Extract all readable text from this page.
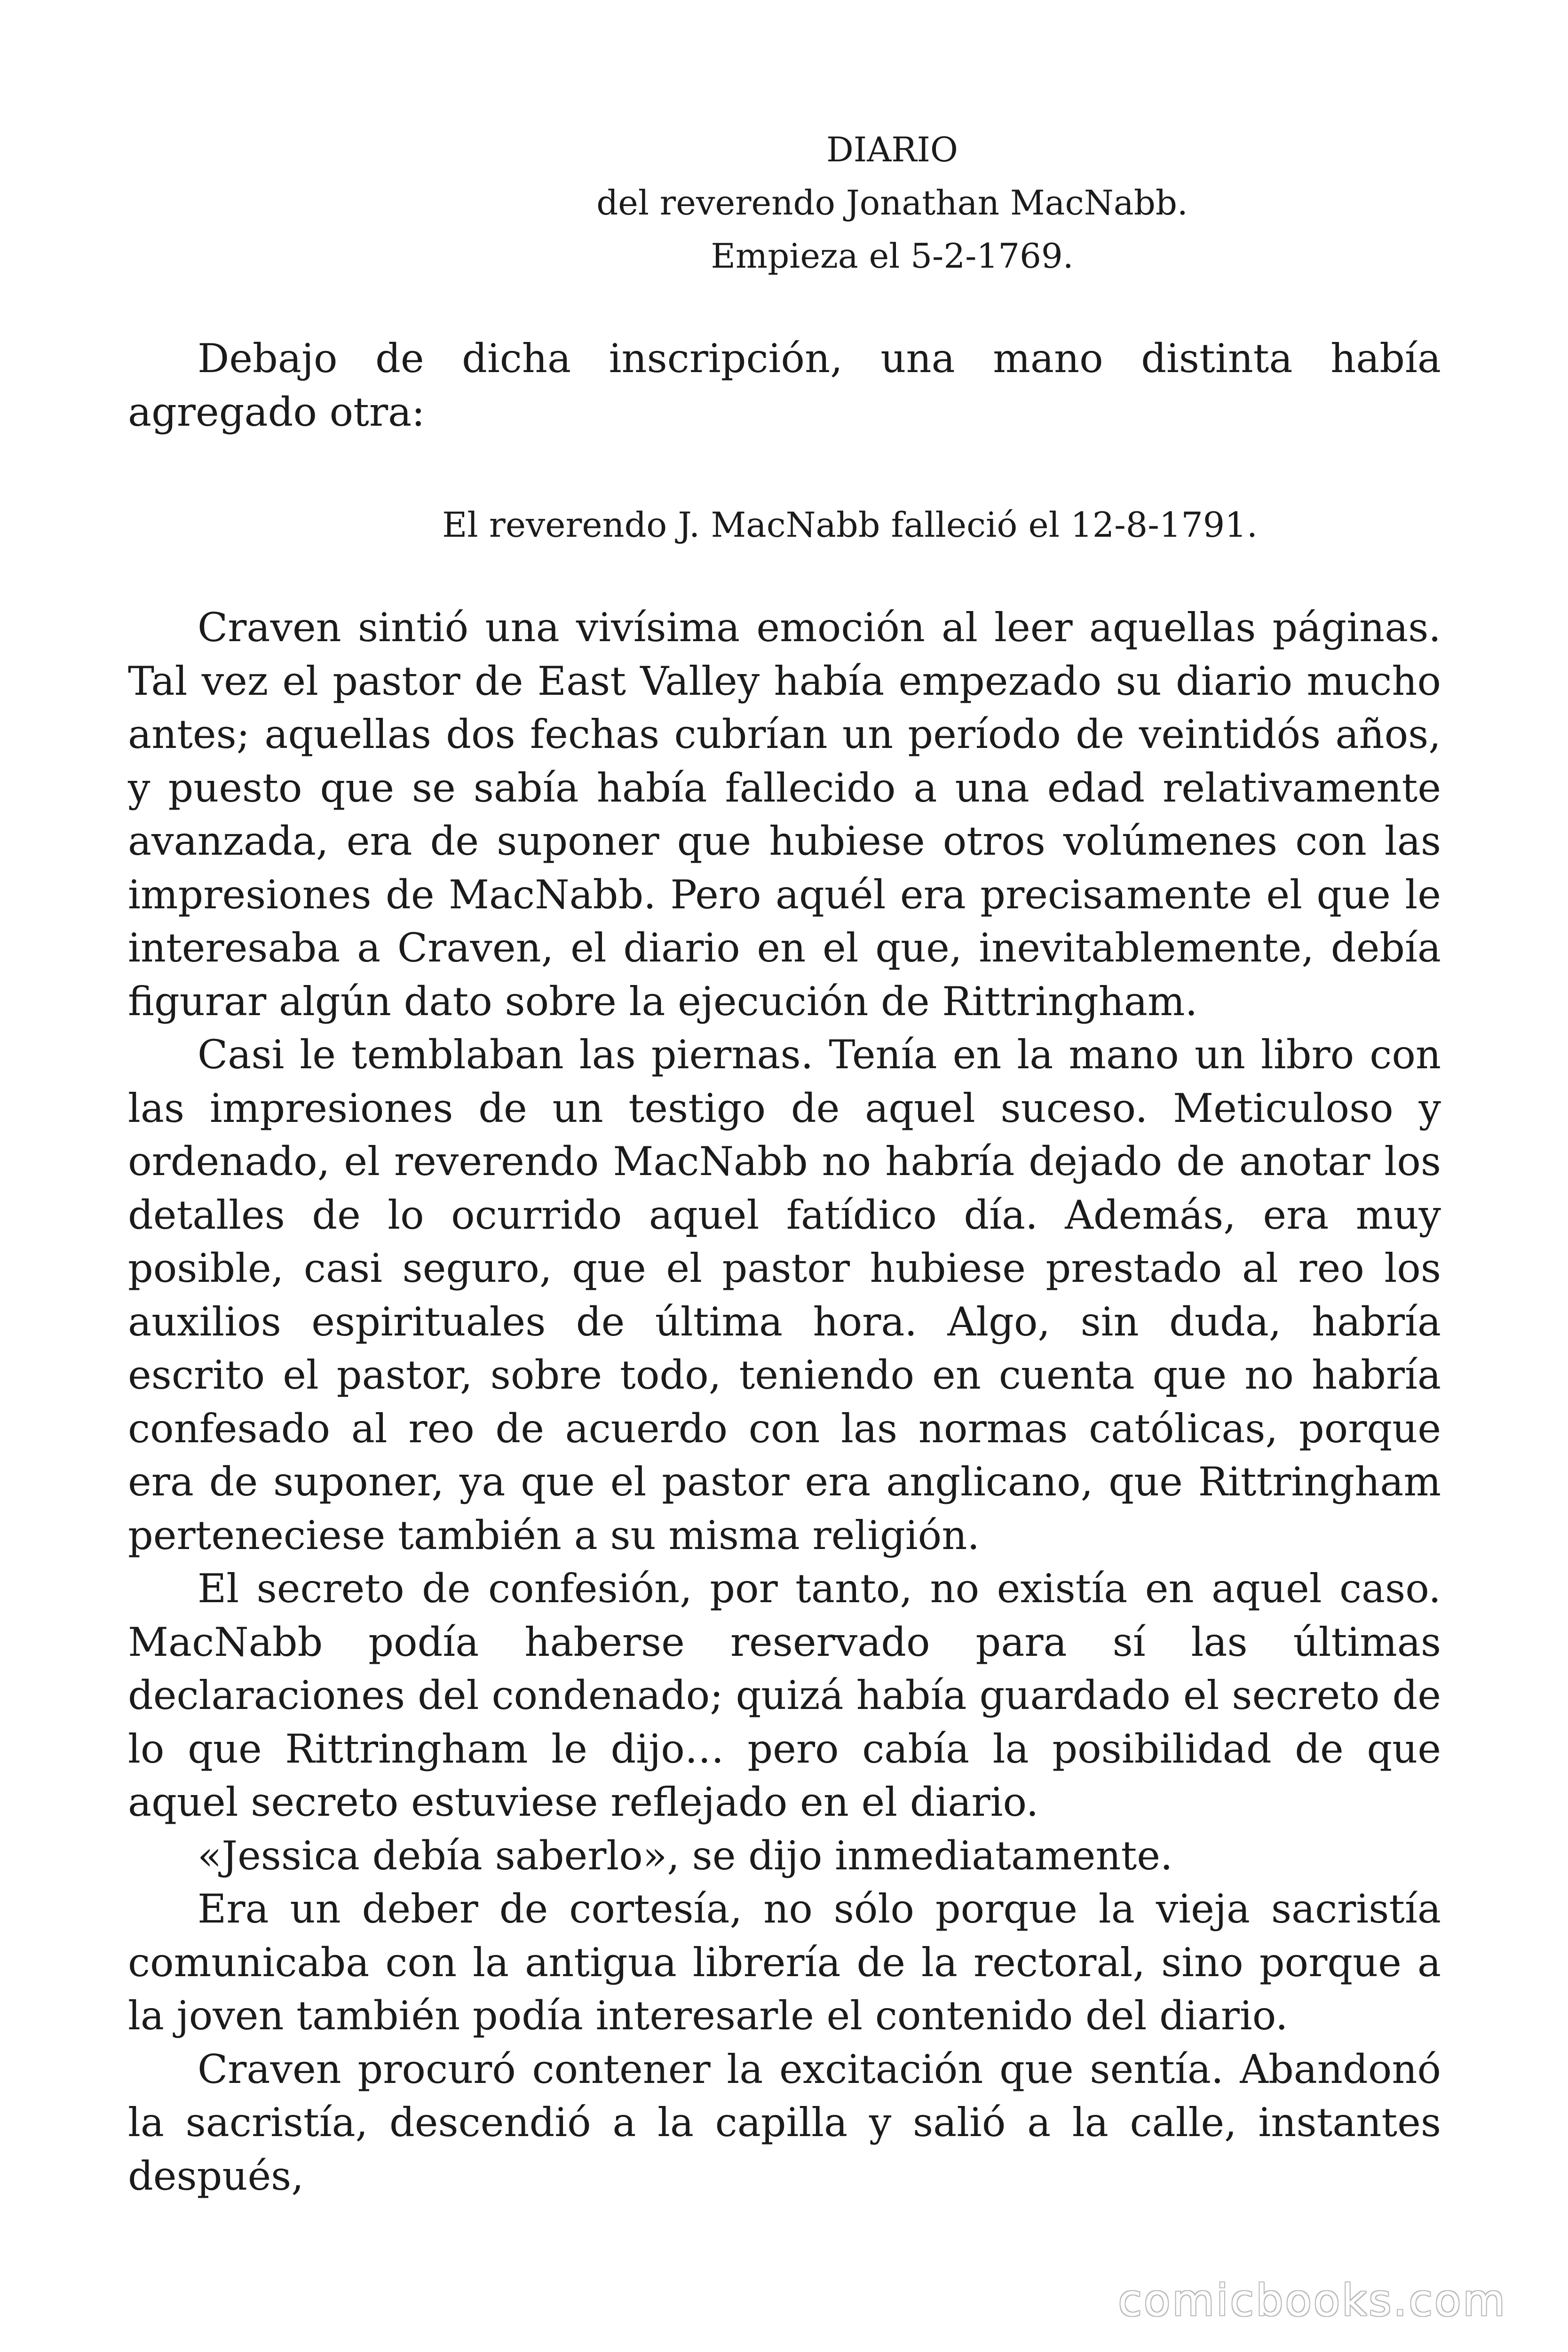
DIARIO
del reverendo Jonathan MacNabb.
Empieza el 5-2-1769.

Debajo de dicha inscripción, una mano distinta había agregado otra:

El reverendo J. MacNabb falleció el 12-8-1791.

Craven sintió una vivísima emoción al leer aquellas páginas. Tal vez el pastor de East Valley había empezado su diario mucho antes; aquellas dos fechas cubrían un período de veintidós años, y puesto que se sabía había fallecido a una edad relativamente avanzada, era de suponer que hubiese otros volúmenes con las impresiones de MacNabb. Pero aquél era precisamente el que le interesaba a Craven, el diario en el que, inevitablemente, debía figurar algún dato sobre la ejecución de Rittringham.

Casi le temblaban las piernas. Tenía en la mano un libro con las impresiones de un testigo de aquel suceso. Meticuloso y ordenado, el reverendo MacNabb no habría dejado de anotar los detalles de lo ocurrido aquel fatídico día. Además, era muy posible, casi seguro, que el pastor hubiese prestado al reo los auxilios espirituales de última hora. Algo, sin duda, habría escrito el pastor, sobre todo, teniendo en cuenta que no habría confesado al reo de acuerdo con las normas católicas, porque era de suponer, ya que el pastor era anglicano, que Rittringham perteneciese también a su misma religión.

El secreto de confesión, por tanto, no existía en aquel caso. MacNabb podía haberse reservado para sí las últimas declaraciones del condenado; quizá había guardado el secreto de lo que Rittringham le dijo… pero cabía la posibilidad de que aquel secreto estuviese reflejado en el diario.

«Jessica debía saberlo», se dijo inmediatamente.

Era un deber de cortesía, no sólo porque la vieja sacristía comunicaba con la antigua librería de la rectoral, sino porque a la joven también podía interesarle el contenido del diario.

Craven procuró contener la excitación que sentía. Abandonó la sacristía, descendió a la capilla y salió a la calle, instantes después,

comicbooks.com
